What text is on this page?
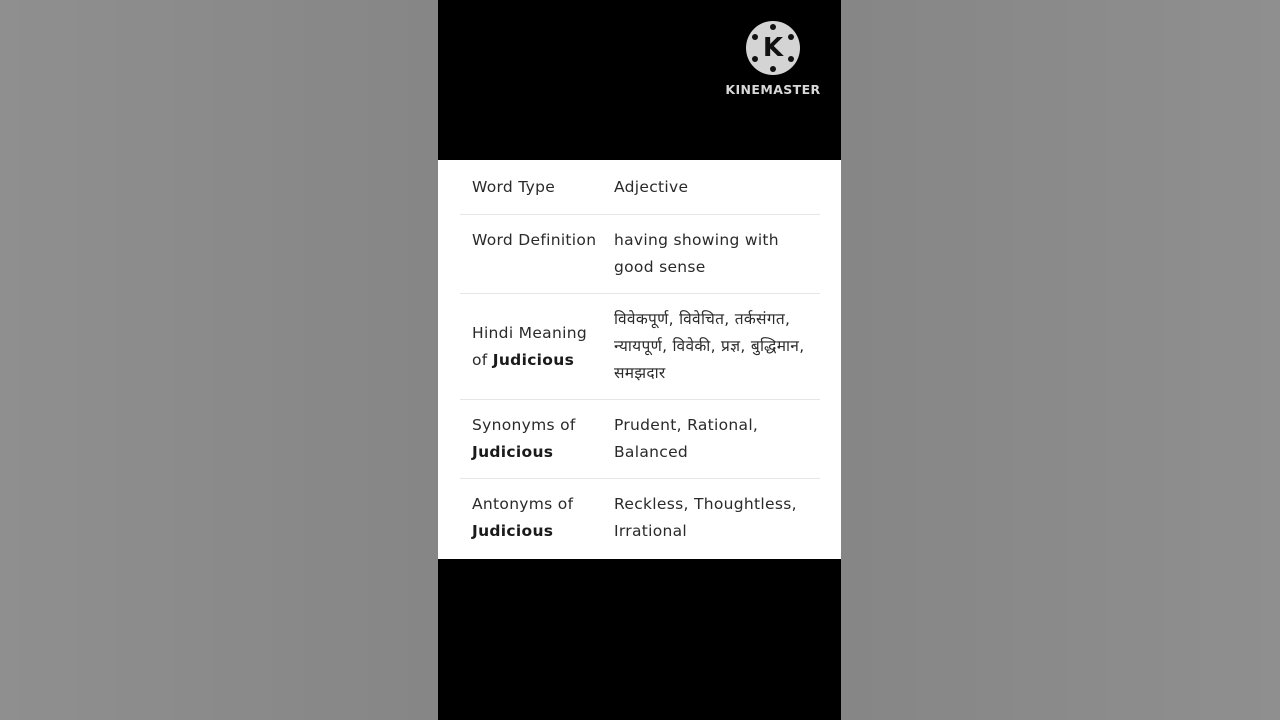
K
KINEMASTER
Word Type	Adjective
Word Definition having showing with good sense
Hindi Meaning of Judicious
विवेकपूर्ण, विवेचित, तर्कसंगत, न्यायपूर्ण, विवेकी, प्रज्ञ, बुद्धिमान, समझदार
Synonyms of Judicious
Prudent, Rational, Balanced
Antonyms of Judicious
Reckless, Thoughtless, Irrational
